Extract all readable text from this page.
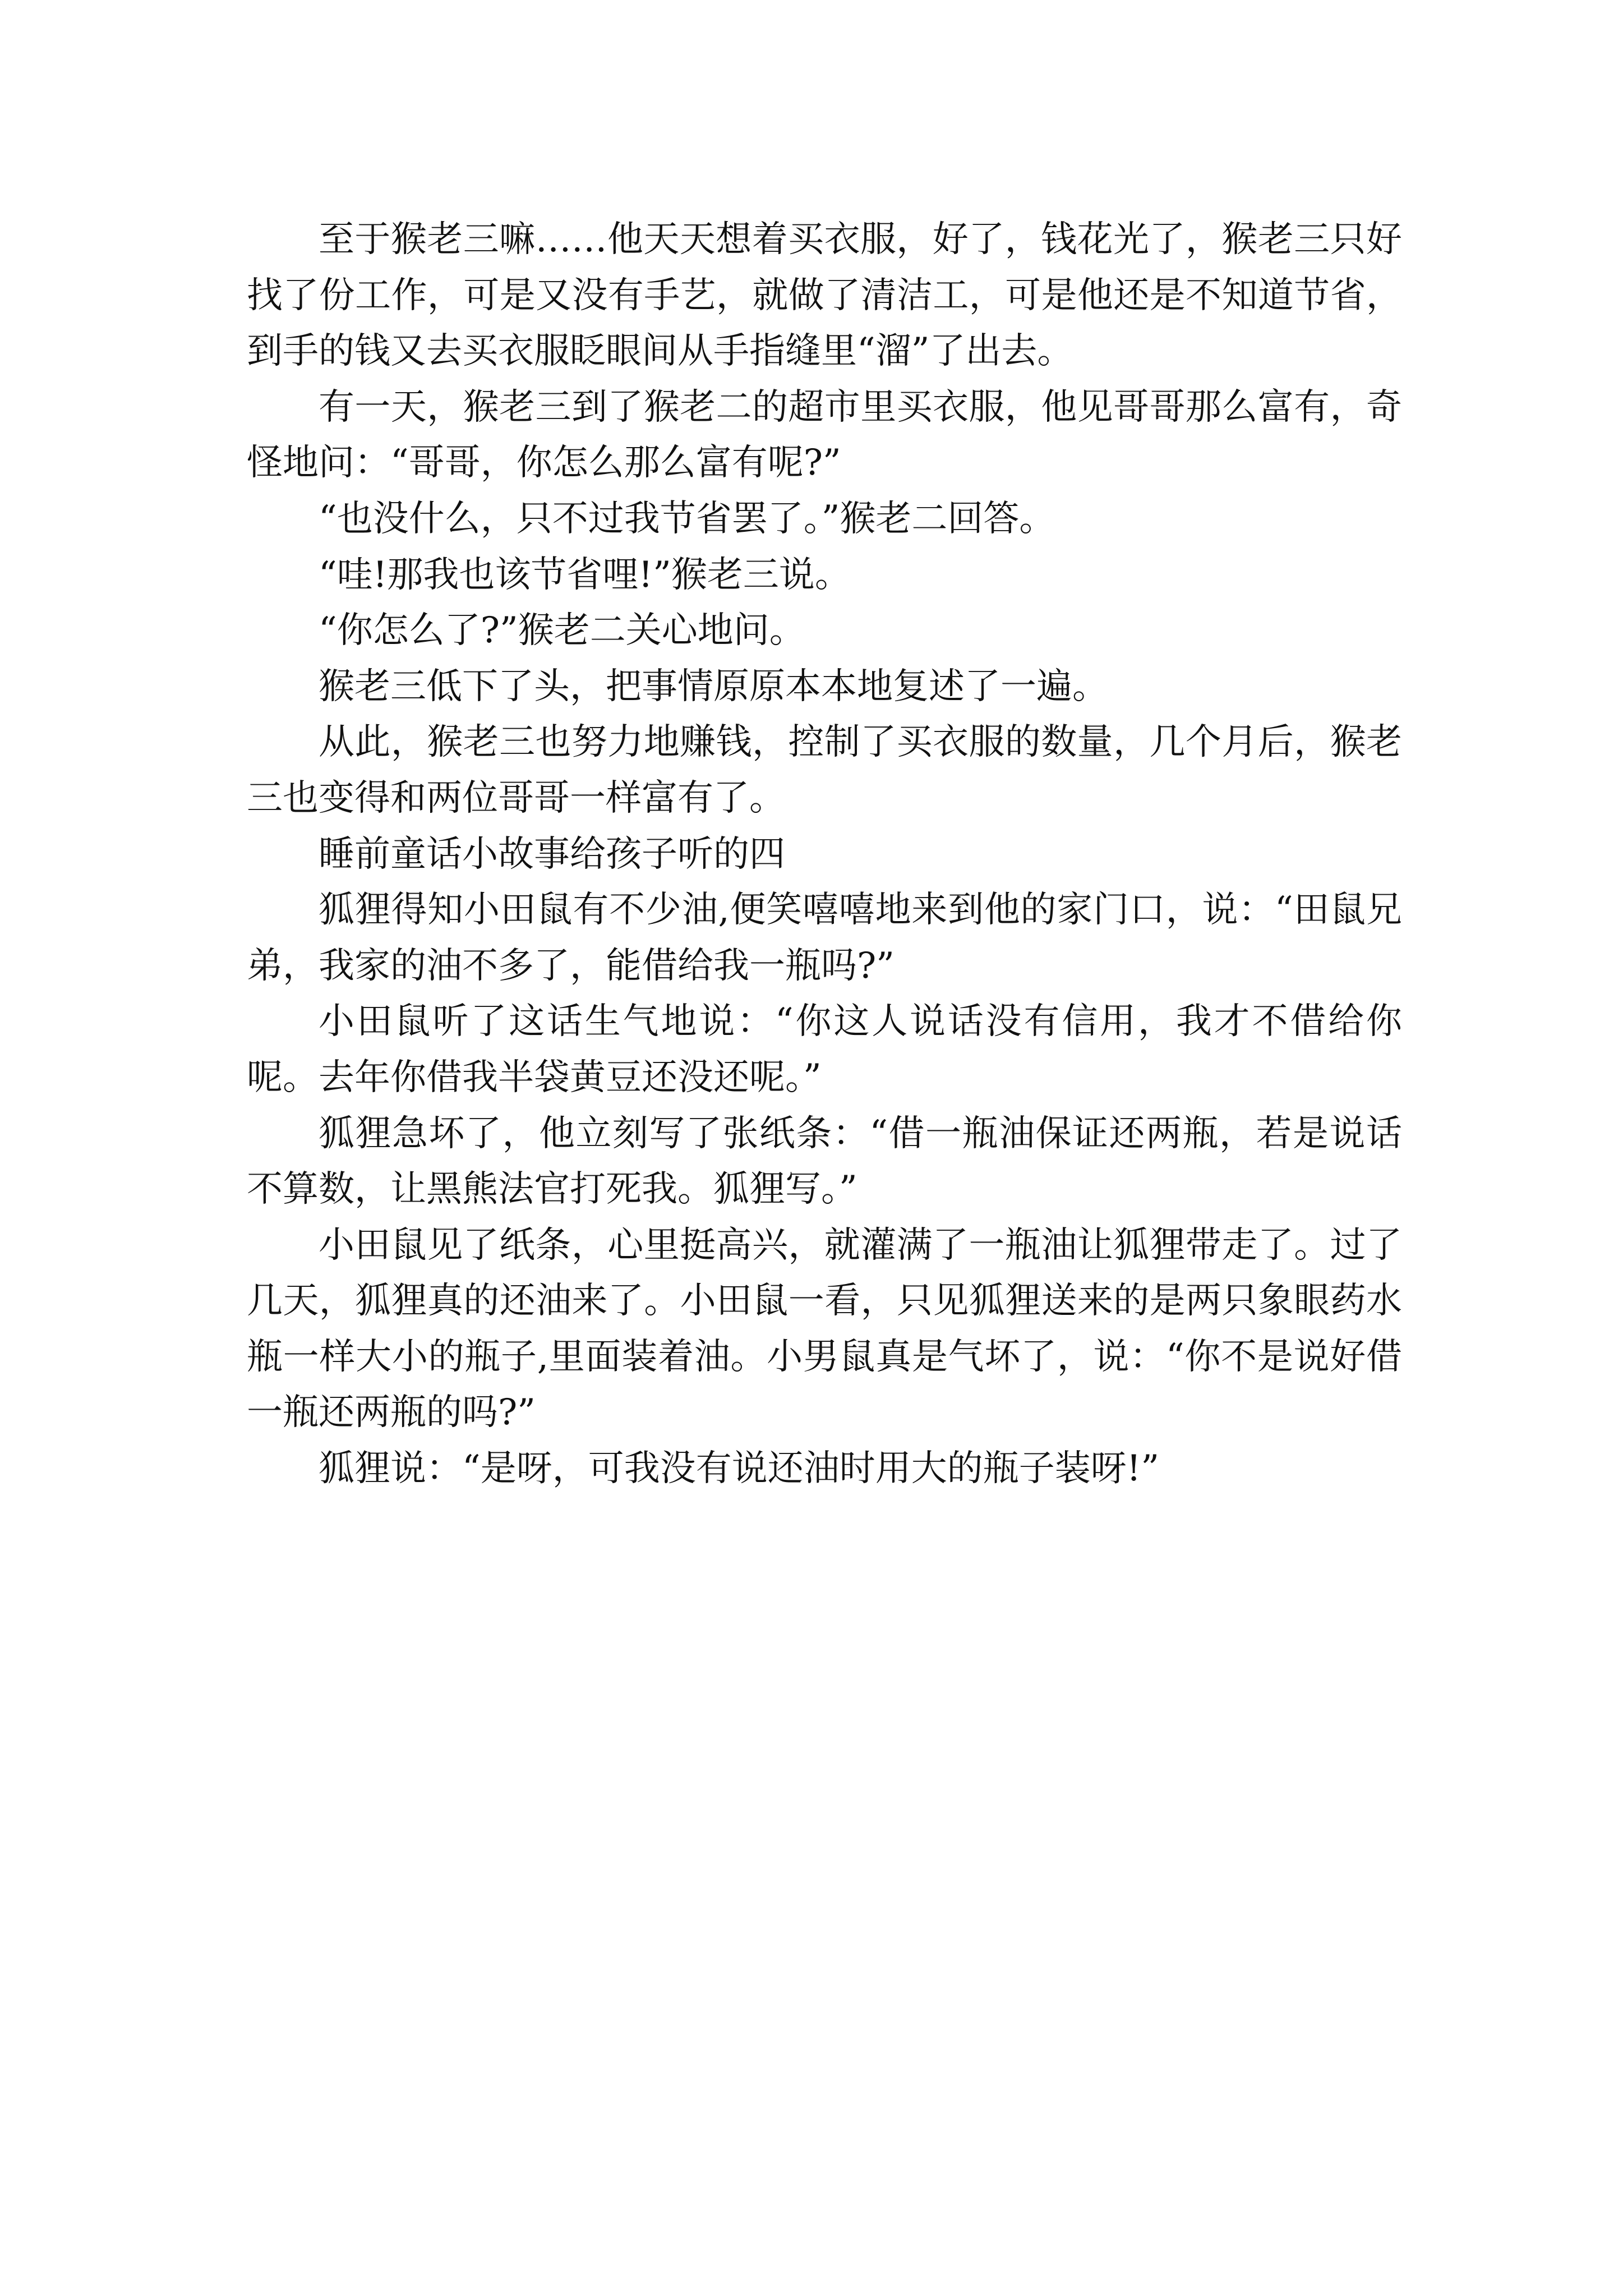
至于猴老三嘛……他天天想着买衣服，好了，钱花光了，猴老三只好找了份工作，可是又没有手艺，就做了清洁工，可是他还是不知道节省，到手的钱又去买衣服眨眼间从手指缝里“溜”了出去。

有一天，猴老三到了猴老二的超市里买衣服，他见哥哥那么富有，奇怪地问：“哥哥，你怎么那么富有呢?”

“也没什么，只不过我节省罢了。”猴老二回答。

“哇!那我也该节省哩!”猴老三说。

“你怎么了?”猴老二关心地问。

猴老三低下了头，把事情原原本本地复述了一遍。

从此，猴老三也努力地赚钱，控制了买衣服的数量，几个月后，猴老三也变得和两位哥哥一样富有了。

睡前童话小故事给孩子听的四

狐狸得知小田鼠有不少油,便笑嘻嘻地来到他的家门口，说：“田鼠兄弟，我家的油不多了，能借给我一瓶吗?”

小田鼠听了这话生气地说：“你这人说话没有信用，我才不借给你呢。去年你借我半袋黄豆还没还呢。”

狐狸急坏了，他立刻写了张纸条：“借一瓶油保证还两瓶，若是说话不算数，让黑熊法官打死我。狐狸写。”

小田鼠见了纸条，心里挺高兴，就灌满了一瓶油让狐狸带走了。过了几天，狐狸真的还油来了。小田鼠一看，只见狐狸送来的是两只象眼药水瓶一样大小的瓶子,里面装着油。小男鼠真是气坏了，说：“你不是说好借一瓶还两瓶的吗?”

狐狸说：“是呀，可我没有说还油时用大的瓶子装呀!”
